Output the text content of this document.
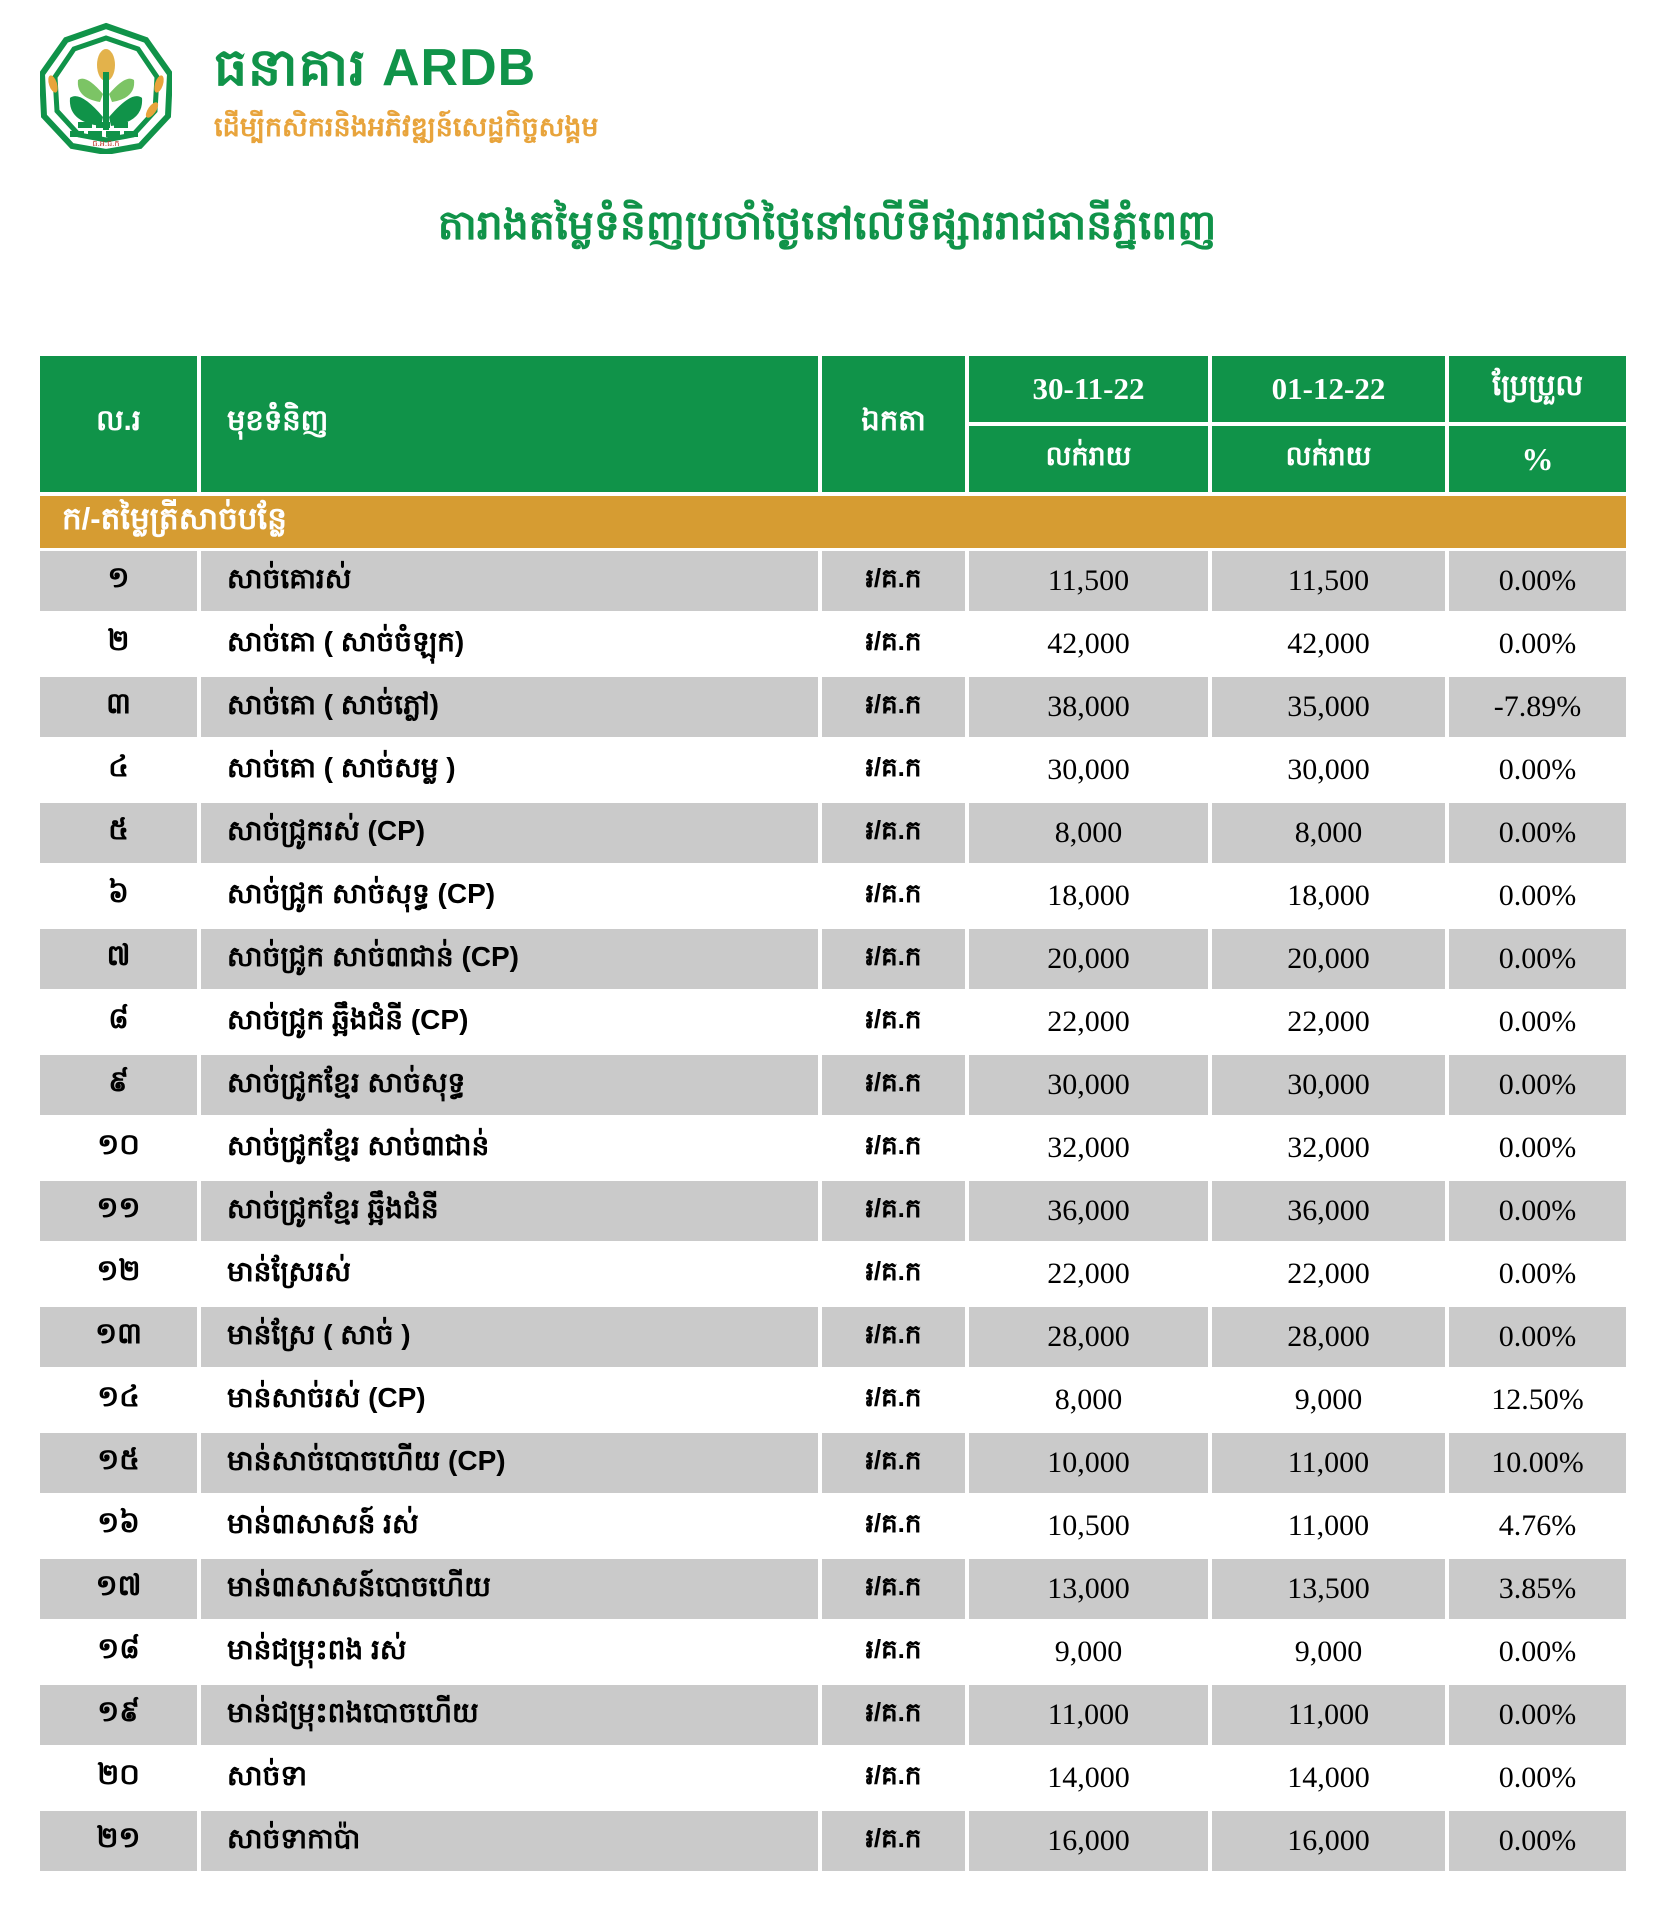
ធ.អ.ជ.ក
ធនាគារ ARDB
ដើម្បីកសិករនិងអភិវឌ្ឍន៍សេដ្ឋកិច្ចសង្គម
តារាងតម្លៃទំនិញប្រចាំថ្ងៃនៅលើទីផ្សាររាជធានីភ្នំពេញ
ល.រ	មុខទំនិញ	ឯកតា
30-11-22	01-12-22	ប្រែប្រួល
លក់រាយ	លក់រាយ	%
ក/-តម្លៃត្រីសាច់បន្លែ
១	សាច់គោរស់	៛/គ.ក	11,500	11,500	0.00%
២	សាច់គោ ( សាច់ចំឡុក)	៛/គ.ក	42,000	42,000	0.00%
៣	សាច់គោ ( សាច់ភ្លៅ)	៛/គ.ក	38,000	35,000	-7.89%
៤	សាច់គោ ( សាច់សម្ល )	៛/គ.ក	30,000	30,000	0.00%
៥	សាច់ជ្រូករស់ (CP)	៛/គ.ក	8,000	8,000	0.00%
៦	សាច់ជ្រូក សាច់សុទ្ធ (CP)	៛/គ.ក	18,000	18,000	0.00%
៧	សាច់ជ្រូក សាច់៣ជាន់ (CP)	៛/គ.ក	20,000	20,000	0.00%
៨	សាច់ជ្រូក ឆ្អឹងជំនី (CP)	៛/គ.ក	22,000	22,000	0.00%
៩	សាច់ជ្រូកខ្មែរ សាច់សុទ្ធ	៛/គ.ក	30,000	30,000	0.00%
១០	សាច់ជ្រូកខ្មែរ សាច់៣ជាន់	៛/គ.ក	32,000	32,000	0.00%
១១	សាច់ជ្រូកខ្មែរ ឆ្អឹងជំនី	៛/គ.ក	36,000	36,000	0.00%
១២	មាន់ស្រែរស់	៛/គ.ក	22,000	22,000	0.00%
១៣	មាន់ស្រែ ( សាច់ )	៛/គ.ក	28,000	28,000	0.00%
១៤	មាន់សាច់រស់ (CP)	៛/គ.ក	8,000	9,000	12.50%
១៥	មាន់សាច់បោចហើយ (CP)	៛/គ.ក	10,000	11,000	10.00%
១៦	មាន់៣សាសន៍ រស់	៛/គ.ក	10,500	11,000	4.76%
១៧	មាន់៣សាសន៍បោចហើយ	៛/គ.ក	13,000	13,500	3.85%
១៨	មាន់ជម្រុះពង រស់	៛/គ.ក	9,000	9,000	0.00%
១៩	មាន់ជម្រុះពងបោចហើយ	៛/គ.ក	11,000	11,000	0.00%
២០	សាច់ទា	៛/គ.ក	14,000	14,000	0.00%
២១	សាច់ទាកាប៉ា	៛/គ.ក	16,000	16,000	0.00%
